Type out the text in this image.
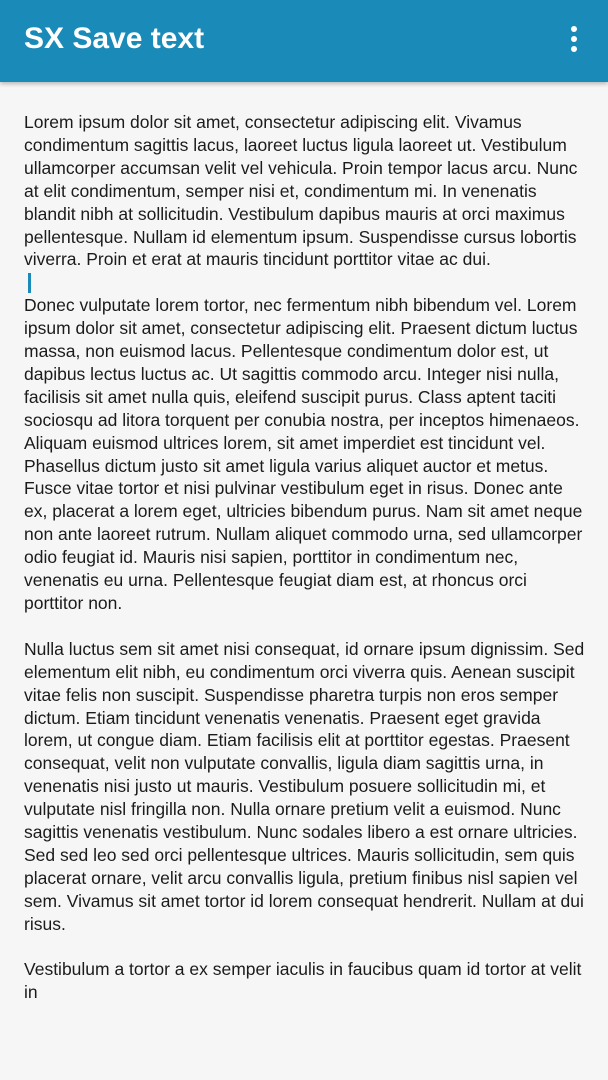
SX Save text

Lorem ipsum dolor sit amet, consectetur adipiscing elit. Vivamus condimentum sagittis lacus, laoreet luctus ligula laoreet ut. Vestibulum ullamcorper accumsan velit vel vehicula. Proin tempor lacus arcu. Nunc at elit condimentum, semper nisi et, condimentum mi. In venenatis blandit nibh at sollicitudin. Vestibulum dapibus mauris at orci maximus pellentesque. Nullam id elementum ipsum. Suspendisse cursus lobortis viverra. Proin et erat at mauris tincidunt porttitor vitae ac dui.

Donec vulputate lorem tortor, nec fermentum nibh bibendum vel. Lorem ipsum dolor sit amet, consectetur adipiscing elit. Praesent dictum luctus massa, non euismod lacus. Pellentesque condimentum dolor est, ut dapibus lectus luctus ac. Ut sagittis commodo arcu. Integer nisi nulla, facilisis sit amet nulla quis, eleifend suscipit purus. Class aptent taciti sociosqu ad litora torquent per conubia nostra, per inceptos himenaeos. Aliquam euismod ultrices lorem, sit amet imperdiet est tincidunt vel. Phasellus dictum justo sit amet ligula varius aliquet auctor et metus. Fusce vitae tortor et nisi pulvinar vestibulum eget in risus. Donec ante ex, placerat a lorem eget, ultricies bibendum purus. Nam sit amet neque non ante laoreet rutrum. Nullam aliquet commodo urna, sed ullamcorper odio feugiat id. Mauris nisi sapien, porttitor in condimentum nec, venenatis eu urna. Pellentesque feugiat diam est, at rhoncus orci porttitor non.

Nulla luctus sem sit amet nisi consequat, id ornare ipsum dignissim. Sed elementum elit nibh, eu condimentum orci viverra quis. Aenean suscipit vitae felis non suscipit. Suspendisse pharetra turpis non eros semper dictum. Etiam tincidunt venenatis venenatis. Praesent eget gravida lorem, ut congue diam. Etiam facilisis elit at porttitor egestas. Praesent consequat, velit non vulputate convallis, ligula diam sagittis urna, in venenatis nisi justo ut mauris. Vestibulum posuere sollicitudin mi, et vulputate nisl fringilla non. Nulla ornare pretium velit a euismod. Nunc sagittis venenatis vestibulum. Nunc sodales libero a est ornare ultricies. Sed sed leo sed orci pellentesque ultrices. Mauris sollicitudin, sem quis placerat ornare, velit arcu convallis ligula, pretium finibus nisl sapien vel sem. Vivamus sit amet tortor id lorem consequat hendrerit. Nullam at dui risus.

Vestibulum a tortor a ex semper iaculis in faucibus quam id tortor at velit in
